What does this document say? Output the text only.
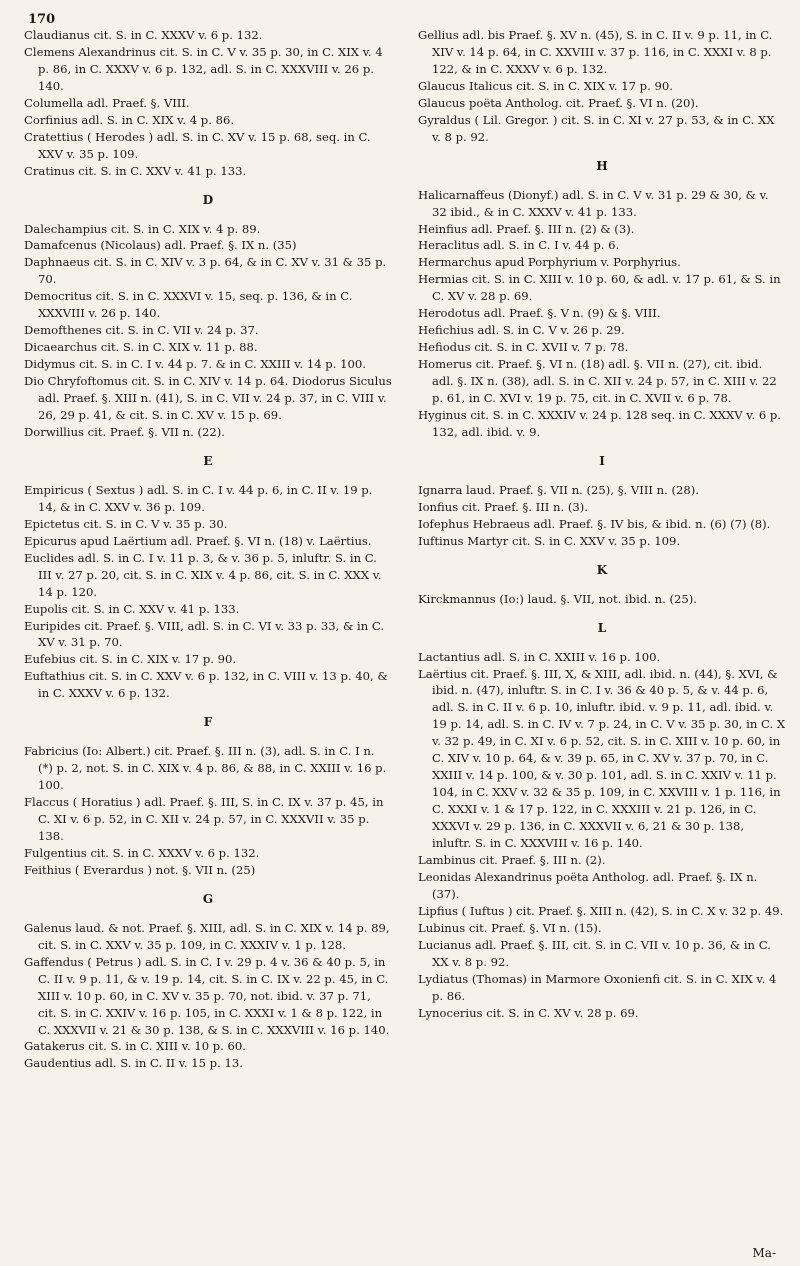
170

Claudianus cit. S. in C. XXXV v. 6 p. 132.

Clemens Alexandrinus cit. S. in C. V v. 35 p. 30, in C. XIX v. 4 p. 86, in C. XXXV v. 6 p. 132, adl. S. in C. XXXVIII v. 26 p. 140.

Columella adl. Praef. §. VIII.

Corfinius adl. S. in C. XIX v. 4 p. 86.

Cratettius ( Herodes ) adl. S. in C. XV v. 15 p. 68, seq. in C. XXV v. 35 p. 109.

Cratinus cit. S. in C. XXV v. 41 p. 133.

D

Dalechampius cit. S. in C. XIX v. 4 p. 89.

Damafcenus (Nicolaus) adl. Praef. §. IX n. (35)

Daphnaeus cit. S. in C. XIV v. 3 p. 64, & in C. XV v. 31 & 35 p. 70.

Democritus cit. S. in C. XXXVI v. 15, seq. p. 136, & in C. XXXVIII v. 26 p. 140.

Demofthenes cit. S. in C. VII v. 24 p. 37.

Dicaearchus cit. S. in C. XIX v. 11 p. 88.

Didymus cit. S. in C. I v. 44 p. 7. & in C. XXIII v. 14 p. 100.

Dio Chryfoftomus cit. S. in C. XIV v. 14 p. 64. Diodorus Siculus adl. Praef. §. XIII n. (41), S. in C. VII v. 24 p. 37, in C. VIII v. 26, 29 p. 41, & cit. S. in C. XV v. 15 p. 69.

Dorwillius cit. Praef. §. VII n. (22).

E

Empiricus ( Sextus ) adl. S. in C. I v. 44 p. 6, in C. II v. 19 p. 14, & in C. XXV v. 36 p. 109.

Epictetus cit. S. in C. V v. 35 p. 30.

Epicurus apud Laërtium adl. Praef. §. VI n. (18) v. Laërtius.

Euclides adl. S. in C. I v. 11 p. 3, & v. 36 p. 5, inluftr. S. in C. III v. 27 p. 20, cit. S. in C. XIX v. 4 p. 86, cit. S. in C. XXX v. 14 p. 120.

Eupolis cit. S. in C. XXV v. 41 p. 133.

Euripides cit. Praef. §. VIII, adl. S. in C. VI v. 33 p. 33, & in C. XV v. 31 p. 70.

Eufebius cit. S. in C. XIX v. 17 p. 90.

Euftathius cit. S. in C. XXV v. 6 p. 132, in C. VIII v. 13 p. 40, & in C. XXXV v. 6 p. 132.

F

Fabricius (Io: Albert.) cit. Praef. §. III n. (3), adl. S. in C. I n. (*) p. 2, not. S. in C. XIX v. 4 p. 86, & 88, in C. XXIII v. 16 p. 100.

Flaccus ( Horatius ) adl. Praef. §. III, S. in C. IX v. 37 p. 45, in C. XI v. 6 p. 52, in C. XII v. 24 p. 57, in C. XXXVII v. 35 p. 138.

Fulgentius cit. S. in C. XXXV v. 6 p. 132.

Feithius ( Everardus ) not. §. VII n. (25)

G

Galenus laud. & not. Praef. §. XIII, adl. S. in C. XIX v. 14 p. 89, cit. S. in C. XXV v. 35 p. 109, in C. XXXIV v. 1 p. 128.

Gaffendus ( Petrus ) adl. S. in C. I v. 29 p. 4 v. 36 & 40 p. 5, in C. II v. 9 p. 11, & v. 19 p. 14, cit. S. in C. IX v. 22 p. 45, in C. XIII v. 10 p. 60, in C. XV v. 35 p. 70, not. ibid. v. 37 p. 71, cit. S. in C. XXIV v. 16 p. 105, in C. XXXI v. 1 & 8 p. 122, in C. XXXVII v. 21 & 30 p. 138, & S. in C. XXXVIII v. 16 p. 140.

Gatakerus cit. S. in C. XIII v. 10 p. 60.

Gaudentius adl. S. in C. II v. 15 p. 13.

Gellius adl. bis Praef. §. XV n. (45), S. in C. II v. 9 p. 11, in C. XIV v. 14 p. 64, in C. XXVIII v. 37 p. 116, in C. XXXI v. 8 p. 122, & in C. XXXV v. 6 p. 132.

Glaucus Italicus cit. S. in C. XIX v. 17 p. 90.

Glaucus poëta Antholog. cit. Praef. §. VI n. (20).

Gyraldus ( Lil. Gregor. ) cit. S. in C. XI v. 27 p. 53, & in C. XX v. 8 p. 92.

H

Halicarnaffeus (Dionyf.) adl. S. in C. V v. 31 p. 29 & 30, & v. 32 ibid., & in C. XXXV v. 41 p. 133.

Heinfius adl. Praef. §. III n. (2) & (3).

Heraclitus adl. S. in C. I v. 44 p. 6.

Hermarchus apud Porphyrium v. Porphyrius.

Hermias cit. S. in C. XIII v. 10 p. 60, & adl. v. 17 p. 61, & S. in C. XV v. 28 p. 69.

Herodotus adl. Praef. §. V n. (9) & §. VIII.

Hefichius adl. S. in C. V v. 26 p. 29.

Hefiodus cit. S. in C. XVII v. 7 p. 78.

Homerus cit. Praef. §. VI n. (18) adl. §. VII n. (27), cit. ibid. adl. §. IX n. (38), adl. S. in C. XII v. 24 p. 57, in C. XIII v. 22 p. 61, in C. XVI v. 19 p. 75, cit. in C. XVII v. 6 p. 78.

Hyginus cit. S. in C. XXXIV v. 24 p. 128 seq. in C. XXXV v. 6 p. 132, adl. ibid. v. 9.

I

Ignarra laud. Praef. §. VII n. (25), §. VIII n. (28).

Ionfius cit. Praef. §. III n. (3).

Iofephus Hebraeus adl. Praef. §. IV bis, & ibid. n. (6) (7) (8).

Iuftinus Martyr cit. S. in C. XXV v. 35 p. 109.

K

Kirckmannus (Io:) laud. §. VII, not. ibid. n. (25).

L

Lactantius adl. S. in C. XXIII v. 16 p. 100.

Laërtius cit. Praef. §. III, X, & XIII, adl. ibid. n. (44), §. XVI, & ibid. n. (47), inluftr. S. in C. I v. 36 & 40 p. 5, & v. 44 p. 6, adl. S. in C. II v. 6 p. 10, inluftr. ibid. v. 9 p. 11, adl. ibid. v. 19 p. 14, adl. S. in C. IV v. 7 p. 24, in C. V v. 35 p. 30, in C. X v. 32 p. 49, in C. XI v. 6 p. 52, cit. S. in C. XIII v. 10 p. 60, in C. XIV v. 10 p. 64, & v. 39 p. 65, in C. XV v. 37 p. 70, in C. XXIII v. 14 p. 100, & v. 30 p. 101, adl. S. in C. XXIV v. 11 p. 104, in C. XXV v. 32 & 35 p. 109, in C. XXVIII v. 1 p. 116, in C. XXXI v. 1 & 17 p. 122, in C. XXXIII v. 21 p. 126, in C. XXXVI v. 29 p. 136, in C. XXXVII v. 6, 21 & 30 p. 138, inluftr. S. in C. XXXVIII v. 16 p. 140.

Lambinus cit. Praef. §. III n. (2).

Leonidas Alexandrinus poëta Antholog. adl. Praef. §. IX n. (37).

Lipfius ( Iuftus ) cit. Praef. §. XIII n. (42), S. in C. X v. 32 p. 49.

Lubinus cit. Praef. §. VI n. (15).

Lucianus adl. Praef. §. III, cit. S. in C. VII v. 10 p. 36, & in C. XX v. 8 p. 92.

Lydiatus (Thomas) in Marmore Oxonienfi cit. S. in C. XIX v. 4 p. 86.

Lynocerius cit. S. in C. XV v. 28 p. 69.

Ma-
